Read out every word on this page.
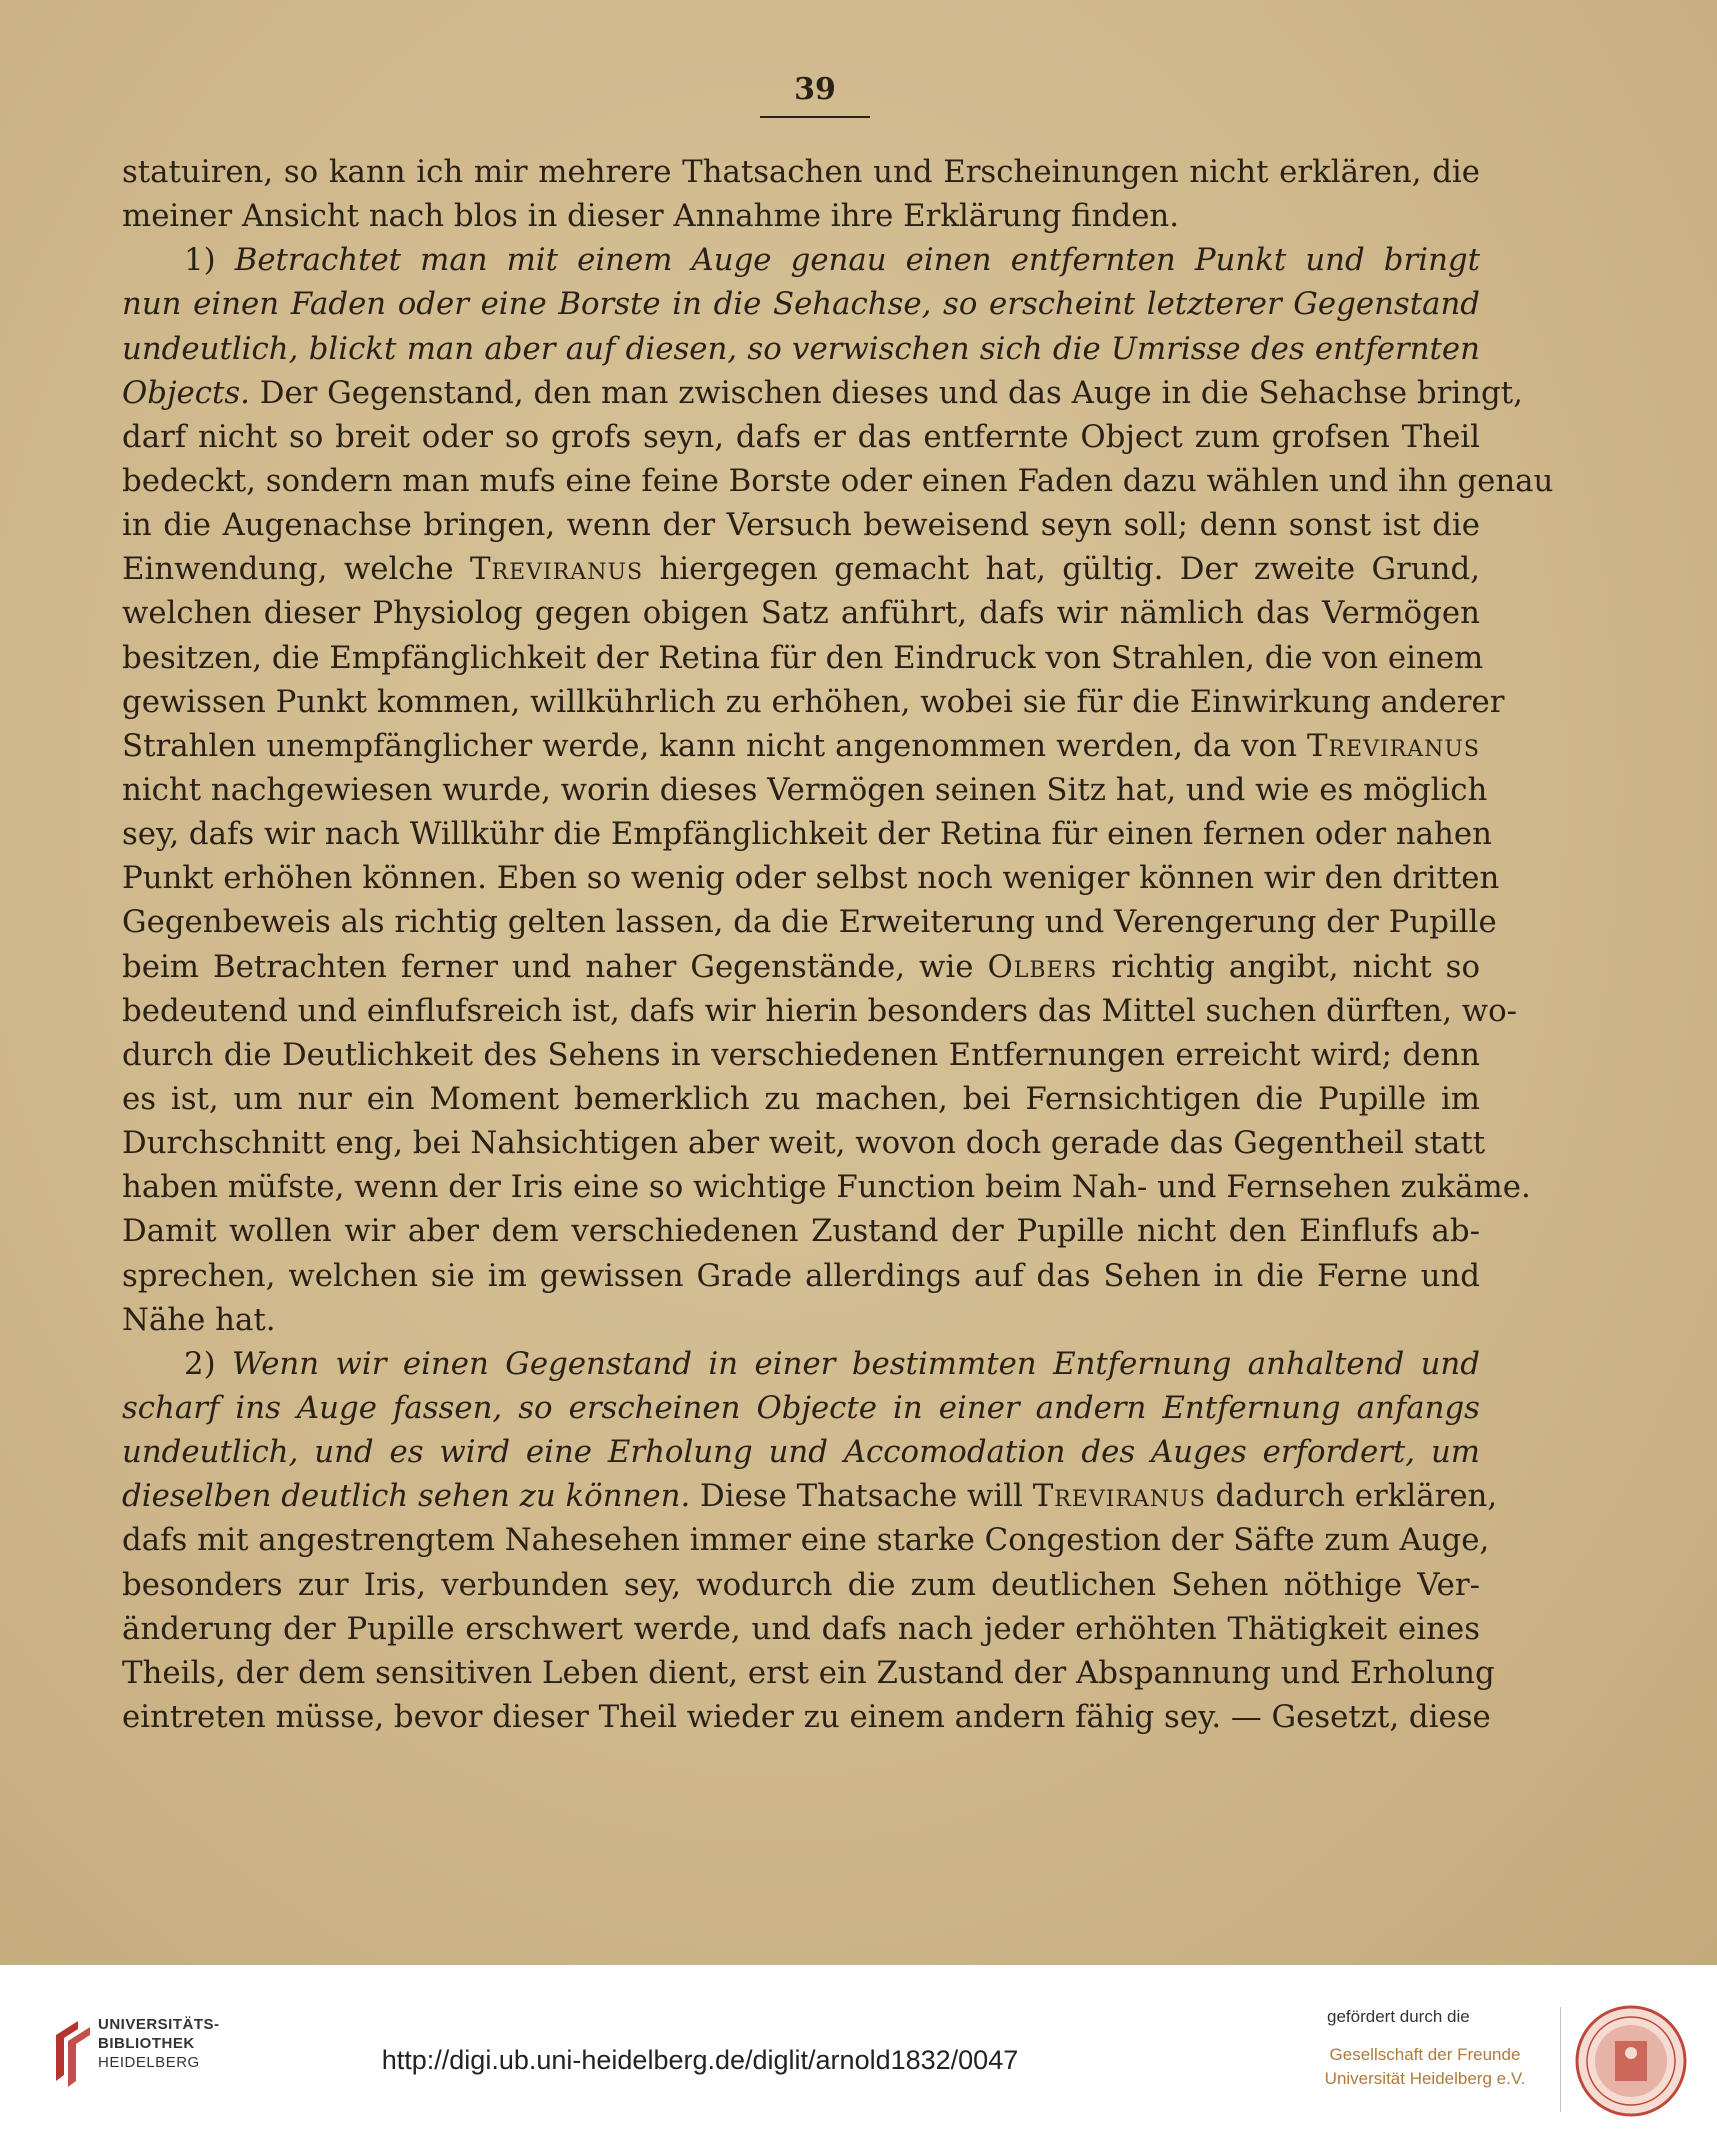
39
statuiren, so kann ich mir mehrere Thatsachen und Erscheinungen nicht erklären, die
meiner Ansicht nach blos in dieser Annahme ihre Erklärung finden.
1) Betrachtet man mit einem Auge genau einen entfernten Punkt und bringt
nun einen Faden oder eine Borste in die Sehachse, so erscheint letzterer Gegenstand
undeutlich, blickt man aber auf diesen, so verwischen sich die Umrisse des entfernten
Objects. Der Gegenstand, den man zwischen dieses und das Auge in die Sehachse bringt,
darf nicht so breit oder so grofs seyn, dafs er das entfernte Object zum grofsen Theil
bedeckt, sondern man mufs eine feine Borste oder einen Faden dazu wählen und ihn genau
in die Augenachse bringen, wenn der Versuch beweisend seyn soll; denn sonst ist die
Einwendung, welche Treviranus hiergegen gemacht hat, gültig. Der zweite Grund,
welchen dieser Physiolog gegen obigen Satz anführt, dafs wir nämlich das Vermögen
besitzen, die Empfänglichkeit der Retina für den Eindruck von Strahlen, die von einem
gewissen Punkt kommen, willkührlich zu erhöhen, wobei sie für die Einwirkung anderer
Strahlen unempfänglicher werde, kann nicht angenommen werden, da von Treviranus
nicht nachgewiesen wurde, worin dieses Vermögen seinen Sitz hat, und wie es möglich
sey, dafs wir nach Willkühr die Empfänglichkeit der Retina für einen fernen oder nahen
Punkt erhöhen können. Eben so wenig oder selbst noch weniger können wir den dritten
Gegenbeweis als richtig gelten lassen, da die Erweiterung und Verengerung der Pupille
beim Betrachten ferner und naher Gegenstände, wie Olbers richtig angibt, nicht so
bedeutend und einflufsreich ist, dafs wir hierin besonders das Mittel suchen dürften, wo-
durch die Deutlichkeit des Sehens in verschiedenen Entfernungen erreicht wird; denn
es ist, um nur ein Moment bemerklich zu machen, bei Fernsichtigen die Pupille im
Durchschnitt eng, bei Nahsichtigen aber weit, wovon doch gerade das Gegentheil statt
haben müfste, wenn der Iris eine so wichtige Function beim Nah- und Fernsehen zukäme.
Damit wollen wir aber dem verschiedenen Zustand der Pupille nicht den Einflufs ab-
sprechen, welchen sie im gewissen Grade allerdings auf das Sehen in die Ferne und
Nähe hat.
2) Wenn wir einen Gegenstand in einer bestimmten Entfernung anhaltend und
scharf ins Auge fassen, so erscheinen Objecte in einer andern Entfernung anfangs
undeutlich, und es wird eine Erholung und Accomodation des Auges erfordert, um
dieselben deutlich sehen zu können. Diese Thatsache will Treviranus dadurch erklären,
dafs mit angestrengtem Nahesehen immer eine starke Congestion der Säfte zum Auge,
besonders zur Iris, verbunden sey, wodurch die zum deutlichen Sehen nöthige Ver-
änderung der Pupille erschwert werde, und dafs nach jeder erhöhten Thätigkeit eines
Theils, der dem sensitiven Leben dient, erst ein Zustand der Abspannung und Erholung
eintreten müsse, bevor dieser Theil wieder zu einem andern fähig sey. — Gesetzt, diese
UNIVERSITÄTS-
BIBLIOTHEK
HEIDELBERG	http://digi.ub.uni-heidelberg.de/diglit/arnold1832/0047
gefördert durch die
Gesellschaft der Freunde
Universität Heidelberg e.V.
